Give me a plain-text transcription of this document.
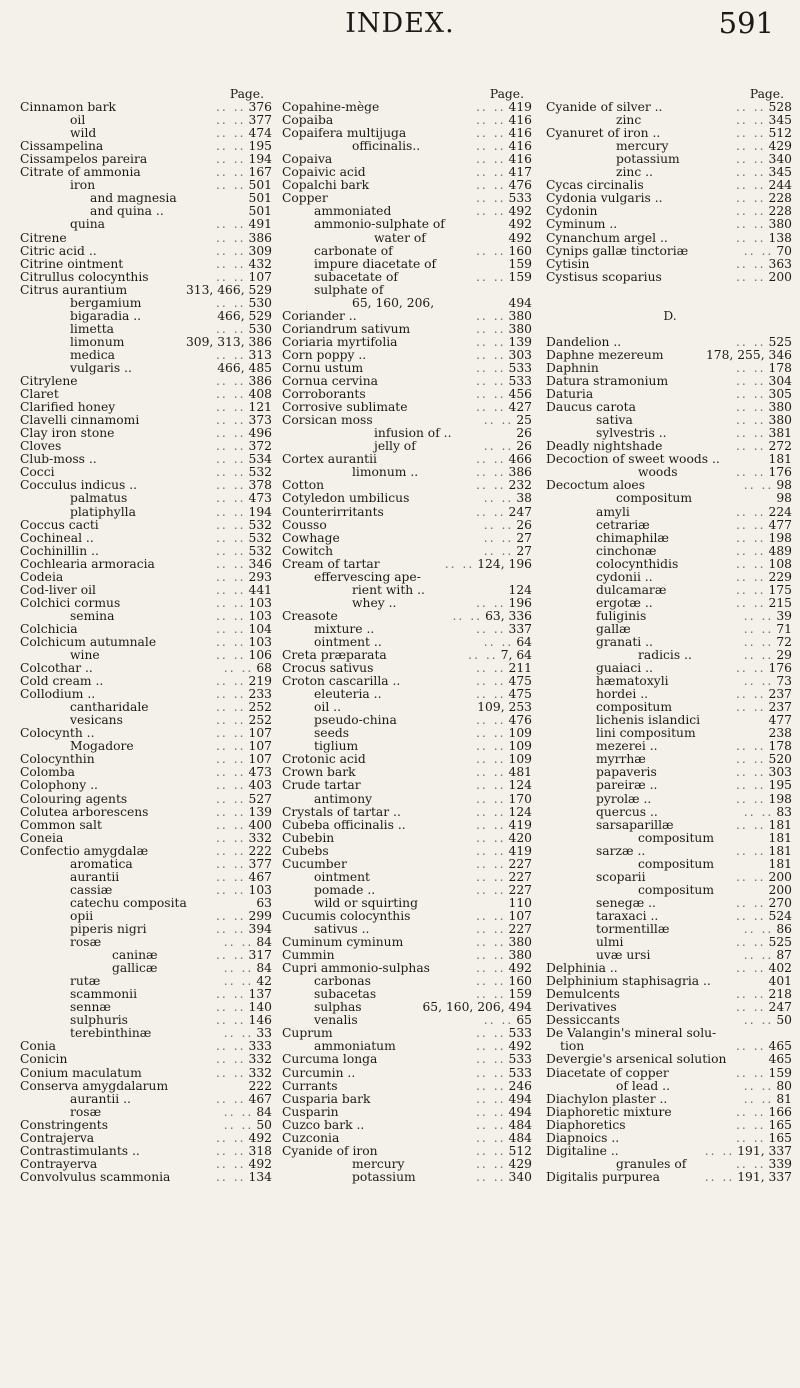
INDEX.	591
Page.
Cinnamon bark	.. .. 376
oil	.. .. 377
wild	.. .. 474
Cissampelina	.. .. 195
Cissampelos pareira	.. .. 194
Citrate of ammonia	.. .. 167
iron	.. .. 501
and magnesia	501
and quina ..	501
quina	.. .. 491
Citrene	.. .. 386
Citric acid ..	.. .. 309
Citrine ointment	.. .. 432
Citrullus colocynthis	.. .. 107
Citrus aurantium	313, 466, 529
bergamium	.. .. 530
bigaradia ..	466, 529
limetta	.. .. 530
limonum	309, 313, 386
medica	.. .. 313
vulgaris ..	466, 485
Citrylene	.. .. 386
Claret	.. .. 408
Clarified honey	.. .. 121
Clavelli cinnamomi	.. .. 373
Clay iron stone	.. .. 496
Cloves	.. .. 372
Club-moss ..	.. .. 534
Cocci	.. .. 532
Cocculus indicus ..	.. .. 378
palmatus	.. .. 473
platiphylla	.. .. 194
Coccus cacti	.. .. 532
Cochineal ..	.. .. 532
Cochinillin ..	.. .. 532
Cochlearia armoracia	.. .. 346
Codeia	.. .. 293
Cod-liver oil	.. .. 441
Colchici cormus	.. .. 103
semina	.. .. 103
Colchicia	.. .. 104
Colchicum autumnale	.. .. 103
wine	.. .. 106
Colcothar ..	.. .. 68
Cold cream ..	.. .. 219
Collodium ..	.. .. 233
cantharidale	.. .. 252
vesicans	.. .. 252
Colocynth ..	.. .. 107
Mogadore	.. .. 107
Colocynthin	.. .. 107
Colomba	.. .. 473
Colophony ..	.. .. 403
Colouring agents	.. .. 527
Colutea arborescens	.. .. 139
Common salt	.. .. 400
Coneia	.. .. 332
Confectio amygdalæ	.. .. 222
aromatica	.. .. 377
aurantii	.. .. 467
cassiæ	.. .. 103
catechu composita	63
opii	.. .. 299
piperis nigri	.. .. 394
rosæ	.. .. 84
caninæ	.. .. 317
gallicæ	.. .. 84
rutæ	.. .. 42
scammonii	.. .. 137
sennæ	.. .. 140
sulphuris	.. .. 146
terebinthinæ	.. .. 33
Conia	.. .. 333
Conicin	.. .. 332
Conium maculatum	.. .. 332
Conserva amygdalarum	222
aurantii ..	.. .. 467
rosæ	.. .. 84
Constringents	.. .. 50
Contrajerva	.. .. 492
Contrastimulants ..	.. .. 318
Contrayerva	.. .. 492
Convolvulus scammonia	.. .. 134
Page.
Copahine-mège	.. .. 419
Copaiba	.. .. 416
Copaifera multijuga	.. .. 416
officinalis..	.. .. 416
Copaiva	.. .. 416
Copaivic acid	.. .. 417
Copalchi bark	.. .. 476
Copper	.. .. 533
ammoniated	.. .. 492
ammonio-sulphate of	492
water of	492
carbonate of	.. .. 160
impure diacetate of	159
subacetate of	.. .. 159
sulphate of
65, 160, 206,	494
Coriander ..	.. .. 380
Coriandrum sativum	.. .. 380
Coriaria myrtifolia	.. .. 139
Corn poppy ..	.. .. 303
Cornu ustum	.. .. 533
Cornua cervina	.. .. 533
Corroborants	.. .. 456
Corrosive sublimate	.. .. 427
Corsican moss	.. .. 25
infusion of ..	26
jelly of	.. .. 26
Cortex aurantii	.. .. 466
limonum ..	.. .. 386
Cotton	.. .. 232
Cotyledon umbilicus	.. .. 38
Counterirritants	.. .. 247
Cousso	.. .. 26
Cowhage	.. .. 27
Cowitch	.. .. 27
Cream of tartar	.. .. 124, 196
effervescing ape-
rient with ..	124
whey ..	.. .. 196
Creasote	.. .. 63, 336
mixture ..	.. .. 337
ointment ..	.. .. 64
Creta præparata	.. .. 7, 64
Crocus sativus	.. .. 211
Croton cascarilla ..	.. .. 475
eleuteria ..	.. .. 475
oil ..	109, 253
pseudo-china	.. .. 476
seeds	.. .. 109
tiglium	.. .. 109
Crotonic acid	.. .. 109
Crown bark	.. .. 481
Crude tartar	.. .. 124
antimony	.. .. 170
Crystals of tartar ..	.. .. 124
Cubeba officinalis ..	.. .. 419
Cubebin	.. .. 420
Cubebs	.. .. 419
Cucumber	.. .. 227
ointment	.. .. 227
pomade ..	.. .. 227
wild or squirting	110
Cucumis colocynthis	.. .. 107
sativus ..	.. .. 227
Cuminum cyminum	.. .. 380
Cummin	.. .. 380
Cupri ammonio-sulphas	.. .. 492
carbonas	.. .. 160
subacetas	.. .. 159
sulphas	65, 160, 206, 494
venalis	.. .. 65
Cuprum	.. .. 533
ammoniatum	.. .. 492
Curcuma longa	.. .. 533
Curcumin ..	.. .. 533
Currants	.. .. 246
Cusparia bark	.. .. 494
Cusparin	.. .. 494
Cuzco bark ..	.. .. 484
Cuzconia	.. .. 484
Cyanide of iron	.. .. 512
mercury	.. .. 429
potassium	.. .. 340
Page.
Cyanide of silver ..	.. .. 528
zinc	.. .. 345
Cyanuret of iron ..	.. .. 512
mercury	.. .. 429
potassium	.. .. 340
zinc ..	.. .. 345
Cycas circinalis	.. .. 244
Cydonia vulgaris ..	.. .. 228
Cydonin	.. .. 228
Cyminum ..	.. .. 380
Cynanchum argel ..	.. .. 138
Cynips gallæ tinctoriæ	.. .. 70
Cytisin	.. .. 363
Cystisus scoparius	.. .. 200
D.
Dandelion ..	.. .. 525
Daphne mezereum	178, 255, 346
Daphnin	.. .. 178
Datura stramonium	.. .. 304
Daturia	.. .. 305
Daucus carota	.. .. 380
sativa	.. .. 380
sylvestris ..	.. .. 381
Deadly nightshade	.. .. 272
Decoction of sweet woods ..	181
woods	.. .. 176
Decoctum aloes	.. .. 98
compositum	98
amyli	.. .. 224
cetrariæ	.. .. 477
chimaphilæ	.. .. 198
cinchonæ	.. .. 489
colocynthidis	.. .. 108
cydonii ..	.. .. 229
dulcamaræ	.. .. 175
ergotæ ..	.. .. 215
fuliginis	.. .. 39
gallæ	.. .. 71
granati ..	.. .. 72
radicis ..	.. .. 29
guaiaci ..	.. .. 176
hæmatoxyli	.. .. 73
hordei ..	.. .. 237
compositum	.. .. 237
lichenis islandici	477
lini compositum	238
mezerei ..	.. .. 178
myrrhæ	.. .. 520
papaveris	.. .. 303
pareiræ ..	.. .. 195
pyrolæ ..	.. .. 198
quercus ..	.. .. 83
sarsaparillæ	.. .. 181
compositum	181
sarzæ ..	.. .. 181
compositum	181
scoparii	.. .. 200
compositum	200
senegæ ..	.. .. 270
taraxaci ..	.. .. 524
tormentillæ	.. .. 86
ulmi	.. .. 525
uvæ ursi	.. .. 87
Delphinia ..	.. .. 402
Delphinium staphisagria ..	401
Demulcents	.. .. 218
Derivatives	.. .. 247
Dessiccants	.. .. 50
De Valangin's mineral solu-
tion	.. .. 465
Devergie's arsenical solution	465
Diacetate of copper	.. .. 159
of lead ..	.. .. 80
Diachylon plaster ..	.. .. 81
Diaphoretic mixture	.. .. 166
Diaphoretics	.. .. 165
Diapnoics ..	.. .. 165
Digitaline ..	.. .. 191, 337
granules of	.. .. 339
Digitalis purpurea	.. .. 191, 337
